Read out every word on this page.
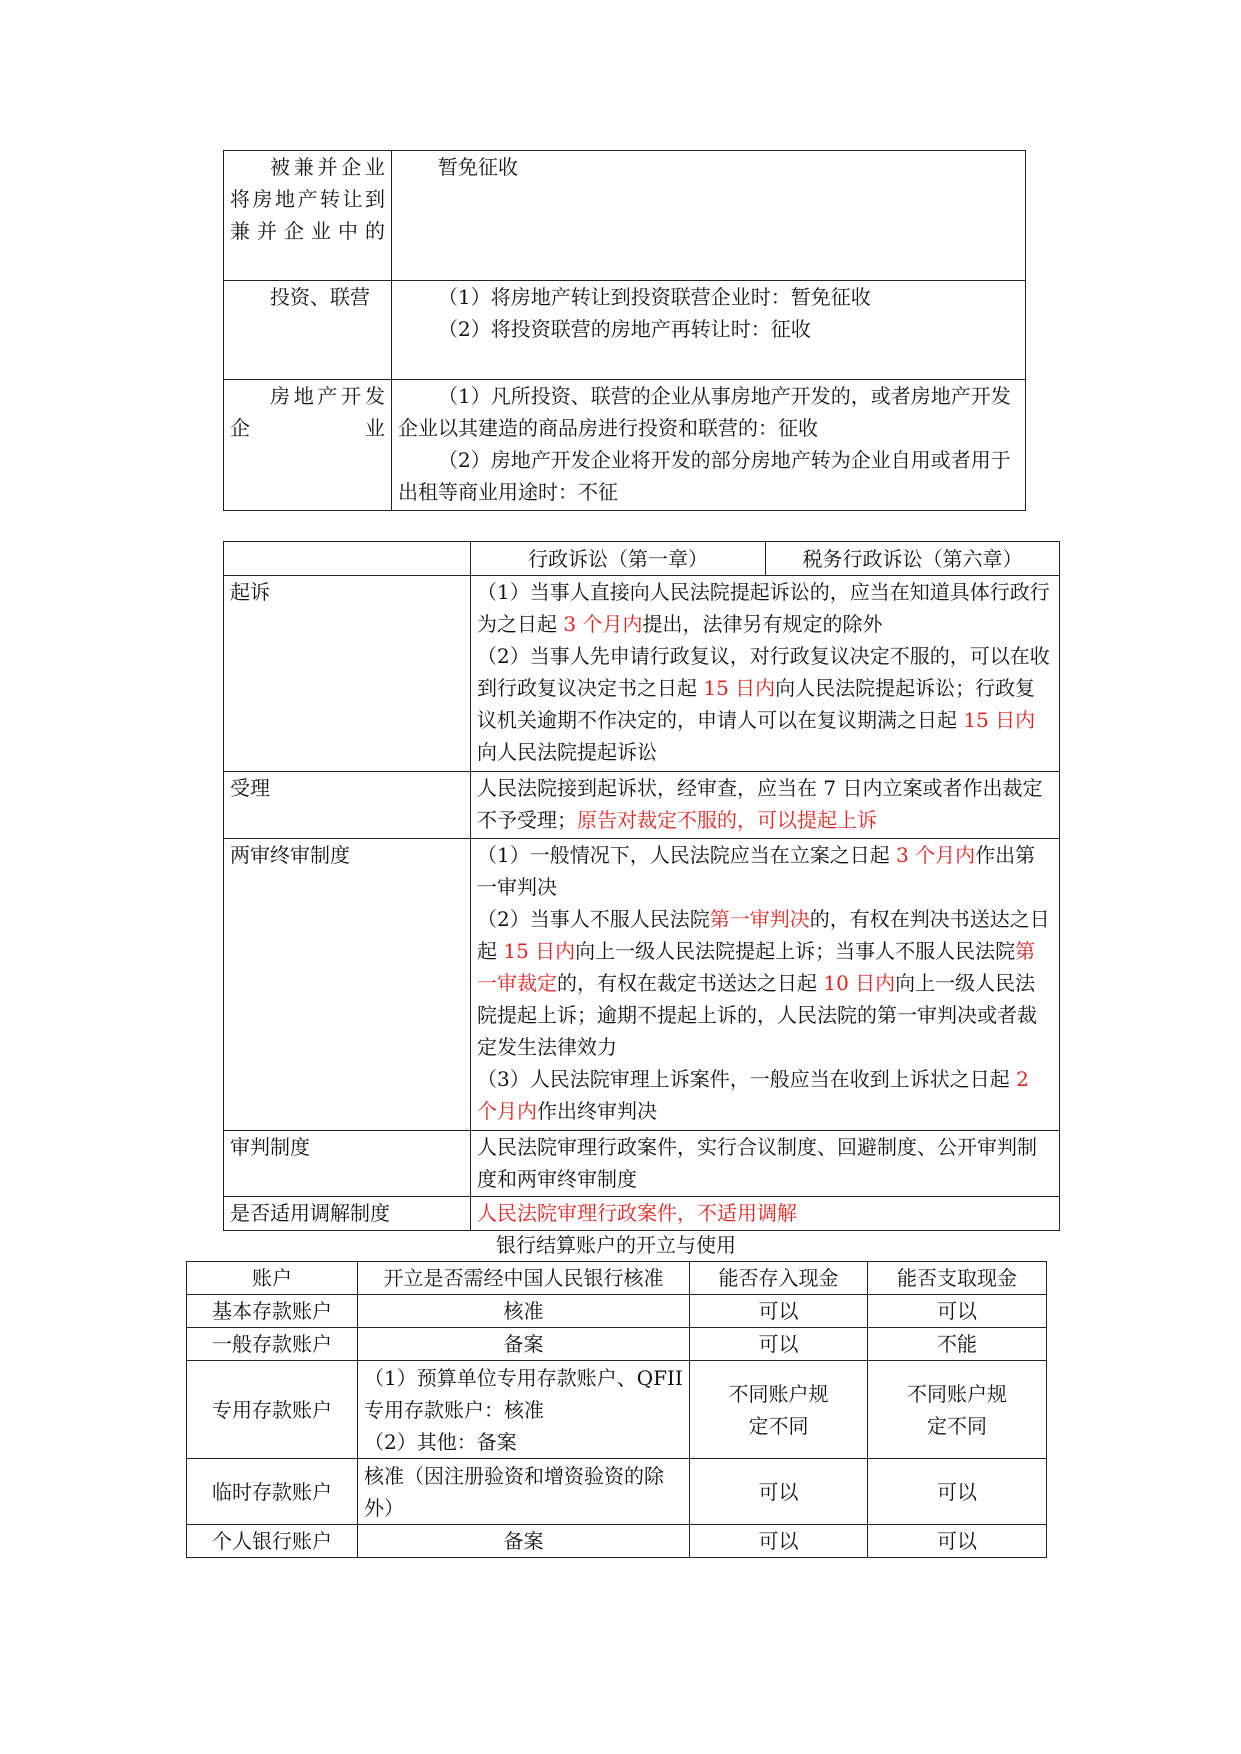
被兼并企业将房地产转让到兼并企业中的	暂免征收

投资、联营	（1）将房地产转让到投资联营企业时：暂免征收
（2）将投资联营的房地产再转让时：征收

房地产开发企业	（1）凡所投资、联营的企业从事房地产开发的，或者房地产开发企业以其建造的商品房进行投资和联营的：征收
（2）房地产开发企业将开发的部分房地产转为企业自用或者用于出租等商业用途时：不征
	行政诉讼（第一章）	税务行政诉讼（第六章）
起诉	（1）当事人直接向人民法院提起诉讼的，应当在知道具体行政行为之日起 3 个月内提出，法律另有规定的除外
（2）当事人先申请行政复议，对行政复议决定不服的，可以在收到行政复议决定书之日起 15 日内向人民法院提起诉讼；行政复议机关逾期不作决定的，申请人可以在复议期满之日起 15 日内向人民法院提起诉讼	

受理	人民法院接到起诉状，经审查，应当在 7 日内立案或者作出裁定不予受理；原告对裁定不服的，可以提起上诉	

两审终审制度	（1）一般情况下，人民法院应当在立案之日起 3 个月内作出第一审判决
（2）当事人不服人民法院第一审判决的，有权在判决书送达之日起 15 日内向上一级人民法院提起上诉；当事人不服人民法院第一审裁定的，有权在裁定书送达之日起 10 日内向上一级人民法院提起上诉；逾期不提起上诉的，人民法院的第一审判决或者裁定发生法律效力
（3）人民法院审理上诉案件，一般应当在收到上诉状之日起 2 个月内作出终审判决	

审判制度	人民法院审理行政案件，实行合议制度、回避制度、公开审判制度和两审终审制度	

是否适用调解制度	人民法院审理行政案件，不适用调解	
银行结算账户的开立与使用
账户	开立是否需经中国人民银行核准	能否存入现金	能否支取现金
基本存款账户	核准	可以	可以
一般存款账户	备案	可以	不能
专用存款账户	（1）预算单位专用存款账户、QFII 专用存款账户：核准
（2）其他：备案	不同账户规定不同	不同账户规定不同
临时存款账户	核准（因注册验资和增资验资的除外）	可以	可以
个人银行账户	备案	可以	可以
